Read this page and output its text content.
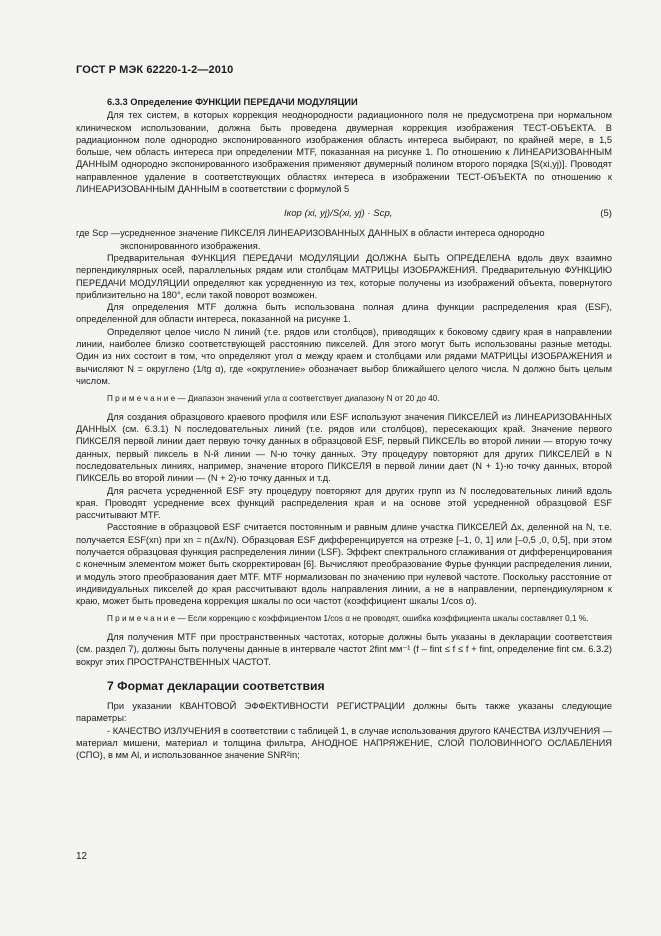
ГОСТ Р МЭК 62220-1-2—2010

6.3.3 Определение ФУНКЦИИ ПЕРЕДАЧИ МОДУЛЯЦИИ

Для тех систем, в которых коррекция неоднородности радиационного поля не предусмотрена при нормальном клиническом использовании, должна быть проведена двумерная коррекция изображения ТЕСТ-ОБЪЕКТА. В радиационном поле однородно экспонированного изображения область интереса выбирают, по крайней мере, в 1,5 больше, чем область интереса при определении MTF, показанная на рисунке 1. По отношению к ЛИНЕАРИЗОВАННЫМ ДАННЫМ однородно экспонированного изображения применяют двумерный полином второго порядка [S(xi,yj)]. Проводят направленное удаление в соответствующих областях интереса в изображении ТЕСТ-ОБЪЕКТА по отношению к ЛИНЕАРИЗОВАННЫМ ДАННЫМ в соответствии с формулой 5

Iкор (xi, yj)/S(xi, yj) · Sср,	(5)
где Sср — усредненное значение ПИКСЕЛЯ ЛИНЕАРИЗОВАННЫХ ДАННЫХ в области интереса однородно экспонированного изображения.

Предварительная ФУНКЦИЯ ПЕРЕДАЧИ МОДУЛЯЦИИ ДОЛЖНА БЫТЬ ОПРЕДЕЛЕНА вдоль двух взаимно перпендикулярных осей, параллельных рядам или столбцам МАТРИЦЫ ИЗОБРАЖЕНИЯ. Предварительную ФУНКЦИЮ ПЕРЕДАЧИ МОДУЛЯЦИИ определяют как усредненную из тех, которые получены из изображений объекта, повернутого приблизительно на 180°, если такой поворот возможен.

Для определения MTF должна быть использована полная длина функции распределения края (ESF), определенной для области интереса, показанной на рисунке 1.

Определяют целое число N линий (т.е. рядов или столбцов), приводящих к боковому сдвигу края в направлении линии, наиболее близко соответствующей расстоянию пикселей. Для этого могут быть использованы разные методы. Один из них состоит в том, что определяют угол α между краем и столбцами или рядами МАТРИЦЫ ИЗОБРАЖЕНИЯ и вычисляют N = округлено (1/tg α), где «округление» обозначает выбор ближайшего целого числа. N должно быть целым числом.

П р и м е ч а н и е — Диапазон значений угла α соответствует диапазону N от 20 до 40.

Для создания образцового краевого профиля или ESF используют значения ПИКСЕЛЕЙ из ЛИНЕАРИЗОВАННЫХ ДАННЫХ (см. 6.3.1) N последовательных линий (т.е. рядов или столбцов), пересекающих край. Значение первого ПИКСЕЛЯ первой линии дает первую точку данных в образцовой ESF, первый ПИКСЕЛЬ во второй линии — вторую точку данных, первый пиксель в N-й линии — N-ю точку данных. Эту процедуру повторяют для других ПИКСЕЛЕЙ в N последовательных линиях, например, значение второго ПИКСЕЛЯ в первой линии дает (N + 1)-ю точку данных, второй ПИКСЕЛЬ во второй линии — (N + 2)-ю точку данных и т.д.

Для расчета усредненной ESF эту процедуру повторяют для других групп из N последовательных линий вдоль края. Проводят усреднение всех функций распределения края и на основе этой усредненной образцовой ESF рассчитывают MTF.

Расстояние в образцовой ESF считается постоянным и равным длине участка ПИКСЕЛЕЙ Δx, деленной на N, т.е. получается ESF(xn) при xn = n(Δx/N). Образцовая ESF дифференцируется на отрезке [–1, 0, 1] или [–0,5 ,0, 0,5], при этом получается образцовая функция распределения линии (LSF). Эффект спектрального сглаживания от дифференцирования с конечным элементом может быть скорректирован [6]. Вычисляют преобразование Фурье функции распределения линии, и модуль этого преобразования дает MTF. MTF нормализован по значению при нулевой частоте. Поскольку расстояние от индивидуальных пикселей до края рассчитывают вдоль направления линии, а не в направлении, перпендикулярном к краю, может быть проведена коррекция шкалы по оси частот (коэффициент шкалы 1/cos α).

П р и м е ч а н и е — Если коррекцию с коэффициентом 1/cos α не проводят, ошибка коэффициента шкалы составляет 0,1 %.

Для получения MTF при пространственных частотах, которые должны быть указаны в декларации соответствия (см. раздел 7), должны быть получены данные в интервале частот 2fint мм⁻¹ (f – fint ≤ f ≤ f + fint, определение fint см. 6.3.2) вокруг этих ПРОСТРАНСТВЕННЫХ ЧАСТОТ.

7 Формат декларации соответствия

При указании КВАНТОВОЙ ЭФФЕКТИВНОСТИ РЕГИСТРАЦИИ должны быть также указаны следующие параметры:

- КАЧЕСТВО ИЗЛУЧЕНИЯ в соответствии с таблицей 1, в случае использования другого КАЧЕСТВА ИЗЛУЧЕНИЯ — материал мишени, материал и толщина фильтра, АНОДНОЕ НАПРЯЖЕНИЕ, СЛОЙ ПОЛОВИННОГО ОСЛАБЛЕНИЯ (СПО), в мм Al, и использованное значение SNR²in;

12
